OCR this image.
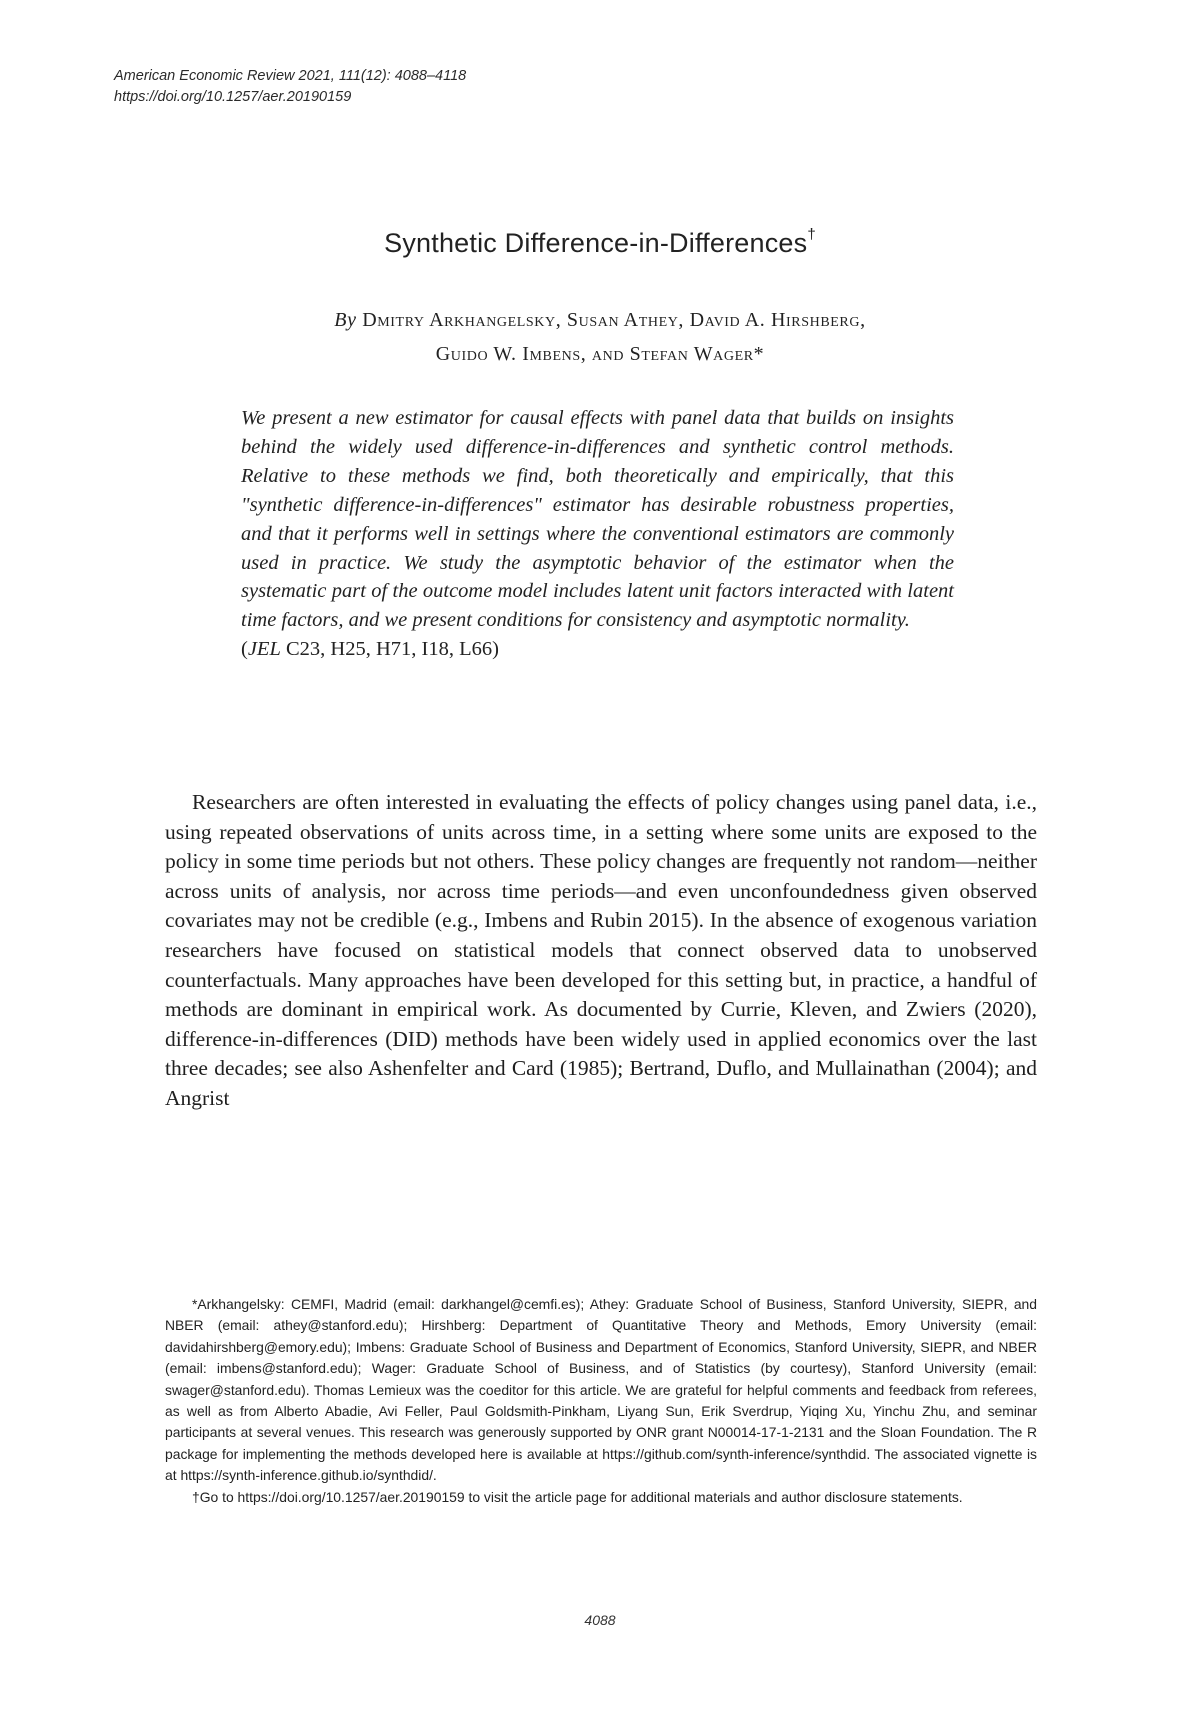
American Economic Review 2021, 111(12): 4088–4118
https://doi.org/10.1257/aer.20190159
Synthetic Difference-in-Differences†
By Dmitry Arkhangelsky, Susan Athey, David A. Hirshberg,
Guido W. Imbens, and Stefan Wager*
We present a new estimator for causal effects with panel data that builds on insights behind the widely used difference-in-differences and synthetic control methods. Relative to these methods we find, both theoretically and empirically, that this "synthetic difference-in-differences" estimator has desirable robustness properties, and that it performs well in settings where the conventional estimators are commonly used in practice. We study the asymptotic behavior of the estimator when the systematic part of the outcome model includes latent unit factors interacted with latent time factors, and we present conditions for consistency and asymptotic normality.
(JEL C23, H25, H71, I18, L66)
Researchers are often interested in evaluating the effects of policy changes using panel data, i.e., using repeated observations of units across time, in a setting where some units are exposed to the policy in some time periods but not others. These policy changes are frequently not random—neither across units of analysis, nor across time periods—and even unconfoundedness given observed covariates may not be credible (e.g., Imbens and Rubin 2015). In the absence of exogenous variation researchers have focused on statistical models that connect observed data to unobserved counterfactuals. Many approaches have been developed for this setting but, in practice, a handful of methods are dominant in empirical work. As documented by Currie, Kleven, and Zwiers (2020), difference-in-differences (DID) methods have been widely used in applied economics over the last three decades; see also Ashenfelter and Card (1985); Bertrand, Duflo, and Mullainathan (2004); and Angrist

*Arkhangelsky: CEMFI, Madrid (email: darkhangel@cemfi.es); Athey: Graduate School of Business, Stanford University, SIEPR, and NBER (email: athey@stanford.edu); Hirshberg: Department of Quantitative Theory and Methods, Emory University (email: davidahirshberg@emory.edu); Imbens: Graduate School of Business and Department of Economics, Stanford University, SIEPR, and NBER (email: imbens@stanford.edu); Wager: Graduate School of Business, and of Statistics (by courtesy), Stanford University (email: swager@stanford.edu). Thomas Lemieux was the coeditor for this article. We are grateful for helpful comments and feedback from referees, as well as from Alberto Abadie, Avi Feller, Paul Goldsmith-Pinkham, Liyang Sun, Erik Sverdrup, Yiqing Xu, Yinchu Zhu, and seminar participants at several venues. This research was generously supported by ONR grant N00014-17-1-2131 and the Sloan Foundation. The R package for implementing the methods developed here is available at https://github.com/synth-inference/synthdid. The associated vignette is at https://synth-inference.github.io/synthdid/.

†Go to https://doi.org/10.1257/aer.20190159 to visit the article page for additional materials and author disclosure statements.

4088
